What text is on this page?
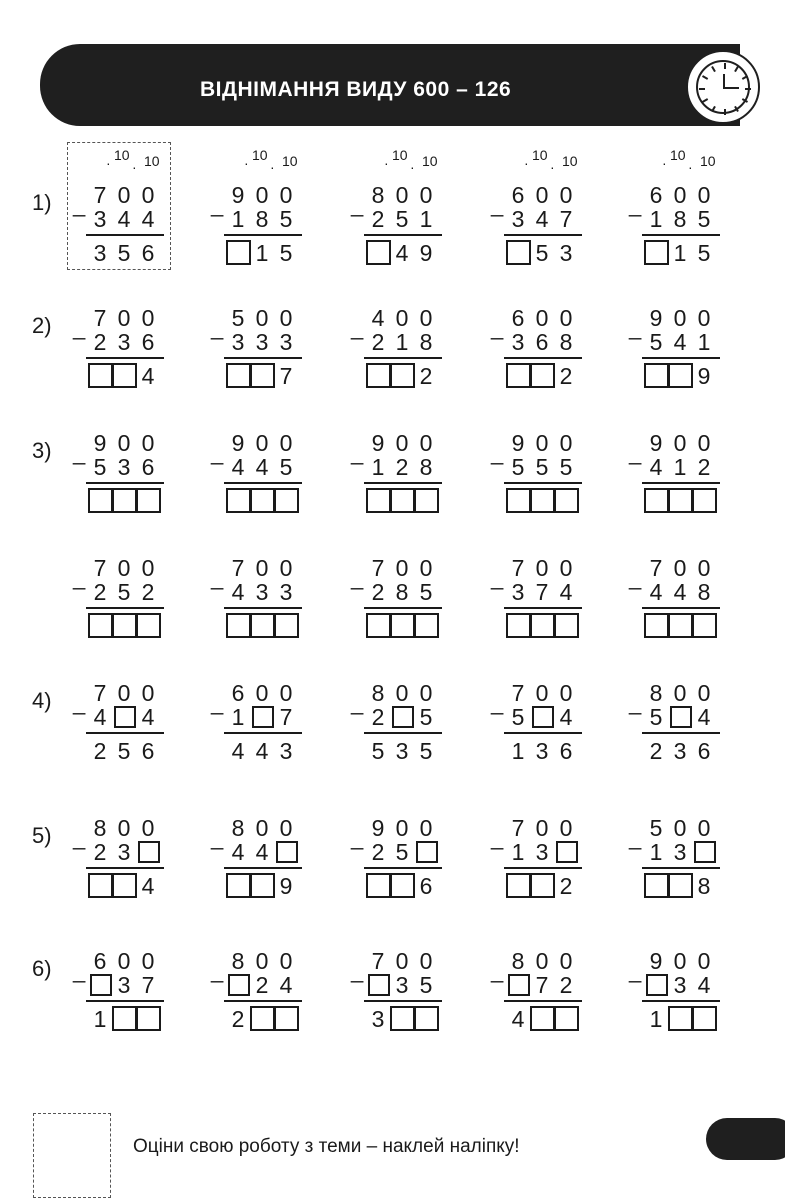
ВІДНІМАННЯ ВИДУ 600 – 126
1)
10
· 10
·
_ 7 0 0
3 4 4
3 5 6
10
· 10
·
_ 9 0 0
1 8 5
1 5
10
· 10
·
_ 8 0 0
2 5 1
4 9
10
· 10
·
_ 6 0 0
3 4 7
5 3
10
· 10
·
_ 6 0 0
1 8 5
1 5
2) _ 7 0 0
2 3 6
4
_ 5 0 0
3 3 3
7
_ 4 0 0
2 1 8
2
_ 6 0 0
3 6 8
2
_ 9 0 0
5 4 1
9
3) _ 9 0 0
5 3 6
_ 9 0 0
4 4 5
_ 9 0 0
1 2 8
_ 9 0 0
5 5 5
_ 9 0 0
4 1 2
_ 7 0 0
2 5 2
_ 7 0 0
4 3 3
_ 7 0 0
2 8 5
_ 7 0 0
3 7 4
_ 7 0 0
4 4 8
4) _ 7 0 0
4 4
2 5 6
_ 6 0 0
1 7
4 4 3
_ 8 0 0
2 5
5 3 5
_ 7 0 0
5 4
1 3 6
_ 8 0 0
5 4
2 3 6
5) _ 8 0 0
2 3
4
_ 8 0 0
4 4
9
_ 9 0 0
2 5
6
_ 7 0 0
1 3
2
_ 5 0 0
1 3
8
6) _ 6 0 0
3 7
1
_ 8 0 0
2 4
2
_ 7 0 0
3 5
3
_ 8 0 0
7 2
4
_ 9 0 0
3 4
1
Оціни свою роботу з теми – наклей наліпку!
